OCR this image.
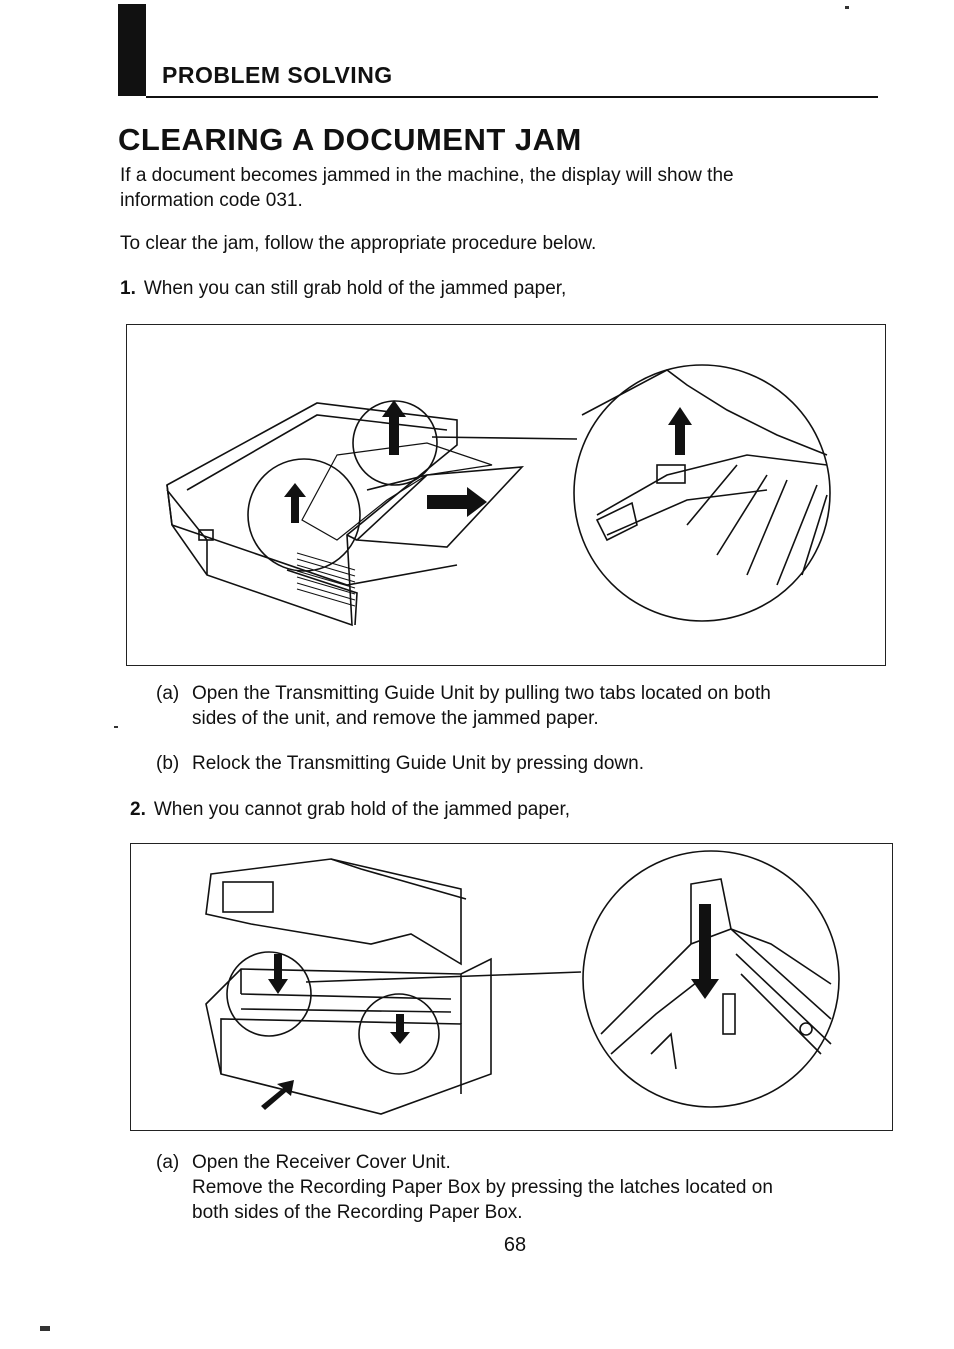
PROBLEM SOLVING
CLEARING A DOCUMENT JAM
If a document becomes jammed in the machine, the display will show the
information code 031.
To clear the jam, follow the appropriate procedure below.
1. When you can still grab hold of the jammed paper,
(a) Open the Transmitting Guide Unit by pulling two tabs located on both
sides of the unit, and remove the jammed paper.
(b) Relock the Transmitting Guide Unit by pressing down.
2. When you cannot grab hold of the jammed paper,
(a) Open the Receiver Cover Unit.
Remove the Recording Paper Box by pressing the latches located on
both sides of the Recording Paper Box.
68
